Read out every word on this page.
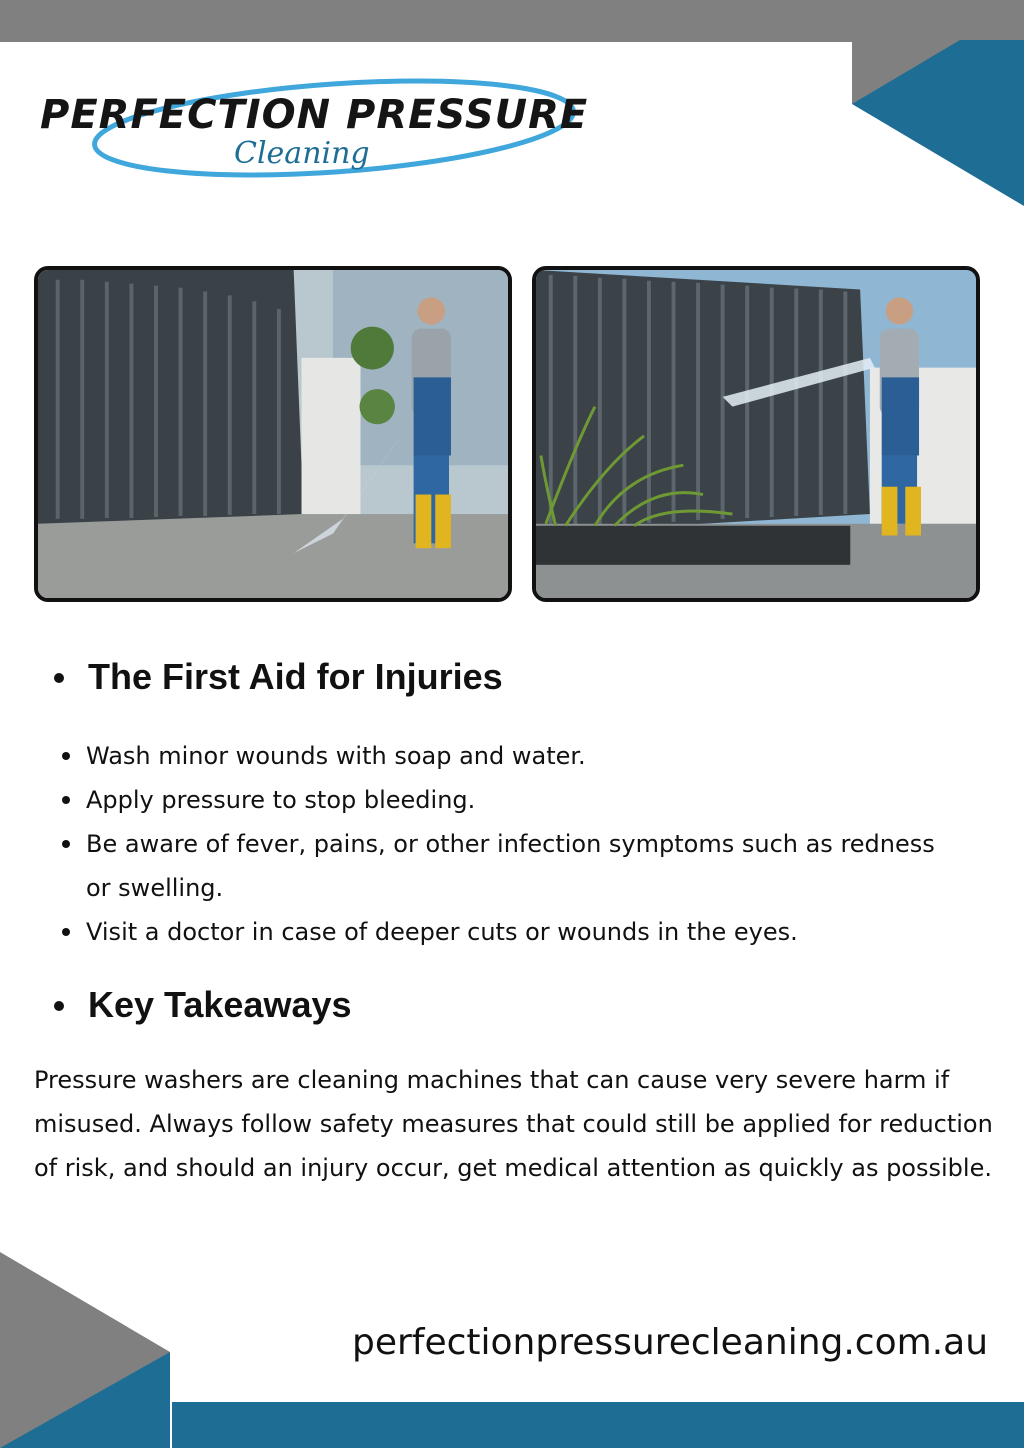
PERFECTION PRESSURE
Cleaning
The First Aid for Injuries
Wash minor wounds with soap and water.
Apply pressure to stop bleeding.
Be aware of fever, pains, or other infection symptoms such as redness or swelling.
Visit a doctor in case of deeper cuts or wounds in the eyes.
Key Takeaways
Pressure washers are cleaning machines that can cause very severe harm if misused. Always follow safety measures that could still be applied for reduction of risk, and should an injury occur, get medical attention as quickly as possible.
perfectionpressurecleaning.com.au
